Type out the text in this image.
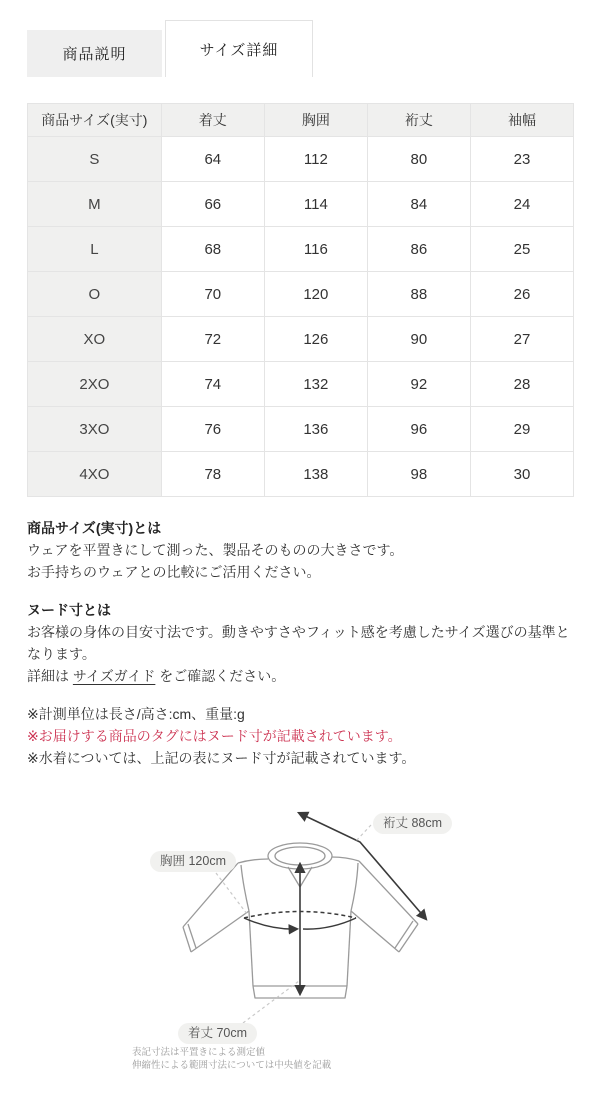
商品説明	サイズ詳細
商品サイズ(実寸)	着丈	胸囲	裄丈	袖幅
S	64	112	80	23
M	66	114	84	24
L	68	116	86	25
O	70	120	88	26
XO	72	126	90	27
2XO	74	132	92	28
3XO	76	136	96	29
4XO	78	138	98	30
商品サイズ(実寸)とは

ウェアを平置きにして測った、製品そのものの大きさです。

お手持ちのウェアとの比較にご活用ください。

ヌード寸とは

お客様の身体の目安寸法です。動きやすさやフィット感を考慮したサイズ選びの基準となります。

詳細は サイズガイド をご確認ください。

※計測単位は長さ/高さ:cm、重量:g

※お届けする商品のタグにはヌード寸が記載されています。

※水着については、上記の表にヌード寸が記載されています。

裄丈 88cm
胸囲 120cm
着丈 70cm

表記寸法は平置きによる測定値

伸縮性による範囲寸法については中央値を記載
